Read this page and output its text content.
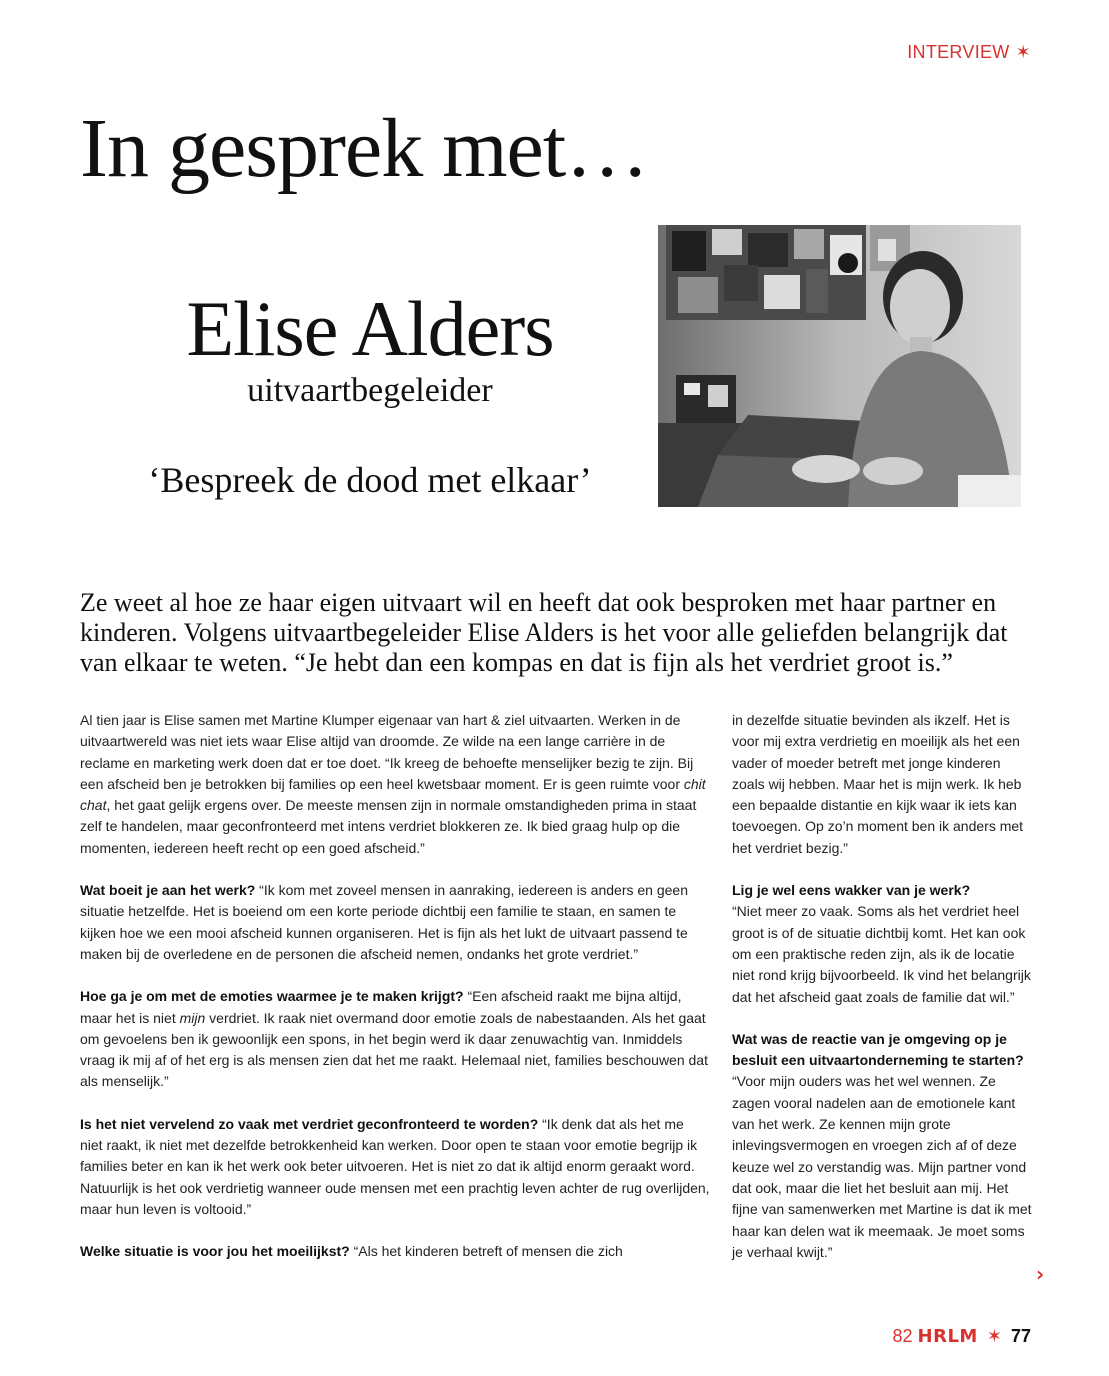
INTERVIEW ✶
In gesprek met…
Elise Alders
uitvaartbegeleider
‘Bespreek de dood met elkaar’
Ze weet al hoe ze haar eigen uitvaart wil en heeft dat ook besproken met haar partner en kinderen. Volgens uitvaartbegeleider Elise Alders is het voor alle geliefden belangrijk dat van elkaar te weten. “Je hebt dan een kompas en dat is fijn als het verdriet groot is.”

Al tien jaar is Elise samen met Martine Klumper eigenaar van hart & ziel uitvaarten. Werken in de uitvaartwereld was niet iets waar Elise altijd van droomde. Ze wilde na een lange carrière in de reclame en marketing werk doen dat er toe doet. “Ik kreeg de behoefte menselijker bezig te zijn. Bij een afscheid ben je betrokken bij families op een heel kwetsbaar moment. Er is geen ruimte voor chit chat, het gaat gelijk ergens over. De meeste mensen zijn in normale omstandigheden prima in staat zelf te handelen, maar geconfronteerd met intens verdriet blokkeren ze. Ik bied graag hulp op die momenten, iedereen heeft recht op een goed afscheid.”

Wat boeit je aan het werk? “Ik kom met zoveel mensen in aanraking, iedereen is anders en geen situatie hetzelfde. Het is boeiend om een korte periode dichtbij een familie te staan, en samen te kijken hoe we een mooi afscheid kunnen organiseren. Het is fijn als het lukt de uitvaart passend te maken bij de overledene en de personen die afscheid nemen, ondanks het grote verdriet.”

Hoe ga je om met de emoties waarmee je te maken krijgt? “Een afscheid raakt me bijna altijd, maar het is niet mijn verdriet. Ik raak niet overmand door emotie zoals de nabestaanden. Als het gaat om gevoelens ben ik gewoonlijk een spons, in het begin werd ik daar zenuwachtig van. Inmiddels vraag ik mij af of het erg is als mensen zien dat het me raakt. Helemaal niet, families beschouwen dat als menselijk.”

Is het niet vervelend zo vaak met verdriet geconfronteerd te worden? “Ik denk dat als het me niet raakt, ik niet met dezelfde betrokkenheid kan werken. Door open te staan voor emotie begrijp ik families beter en kan ik het werk ook beter uitvoeren. Het is niet zo dat ik altijd enorm geraakt word. Natuurlijk is het ook verdrietig wanneer oude mensen met een prachtig leven achter de rug overlijden, maar hun leven is voltooid.”

Welke situatie is voor jou het moeilijkst? “Als het kinderen betreft of mensen die zich

in dezelfde situatie bevinden als ikzelf. Het is voor mij extra verdrietig en moeilijk als het een vader of moeder betreft met jonge kinderen zoals wij hebben. Maar het is mijn werk. Ik heb een bepaalde distantie en kijk waar ik iets kan toevoegen. Op zo’n moment ben ik anders met het verdriet bezig.”

Lig je wel eens wakker van je werk?
“Niet meer zo vaak. Soms als het verdriet heel groot is of de situatie dichtbij komt. Het kan ook om een praktische reden zijn, als ik de locatie niet rond krijg bijvoorbeeld. Ik vind het belangrijk dat het afscheid gaat zoals de familie dat wil.”

Wat was de reactie van je omgeving op je besluit een uitvaartonderneming te starten? “Voor mijn ouders was het wel wennen. Ze zagen vooral nadelen aan de emotionele kant van het werk. Ze kennen mijn grote inlevingsvermogen en vroegen zich af of deze keuze wel zo verstandig was. Mijn partner vond dat ook, maar die liet het besluit aan mij. Het fijne van samenwerken met Martine is dat ik met haar kan delen wat ik meemaak. Je moet soms je verhaal kwijt.”

›
82 HRLM ✶ 77
